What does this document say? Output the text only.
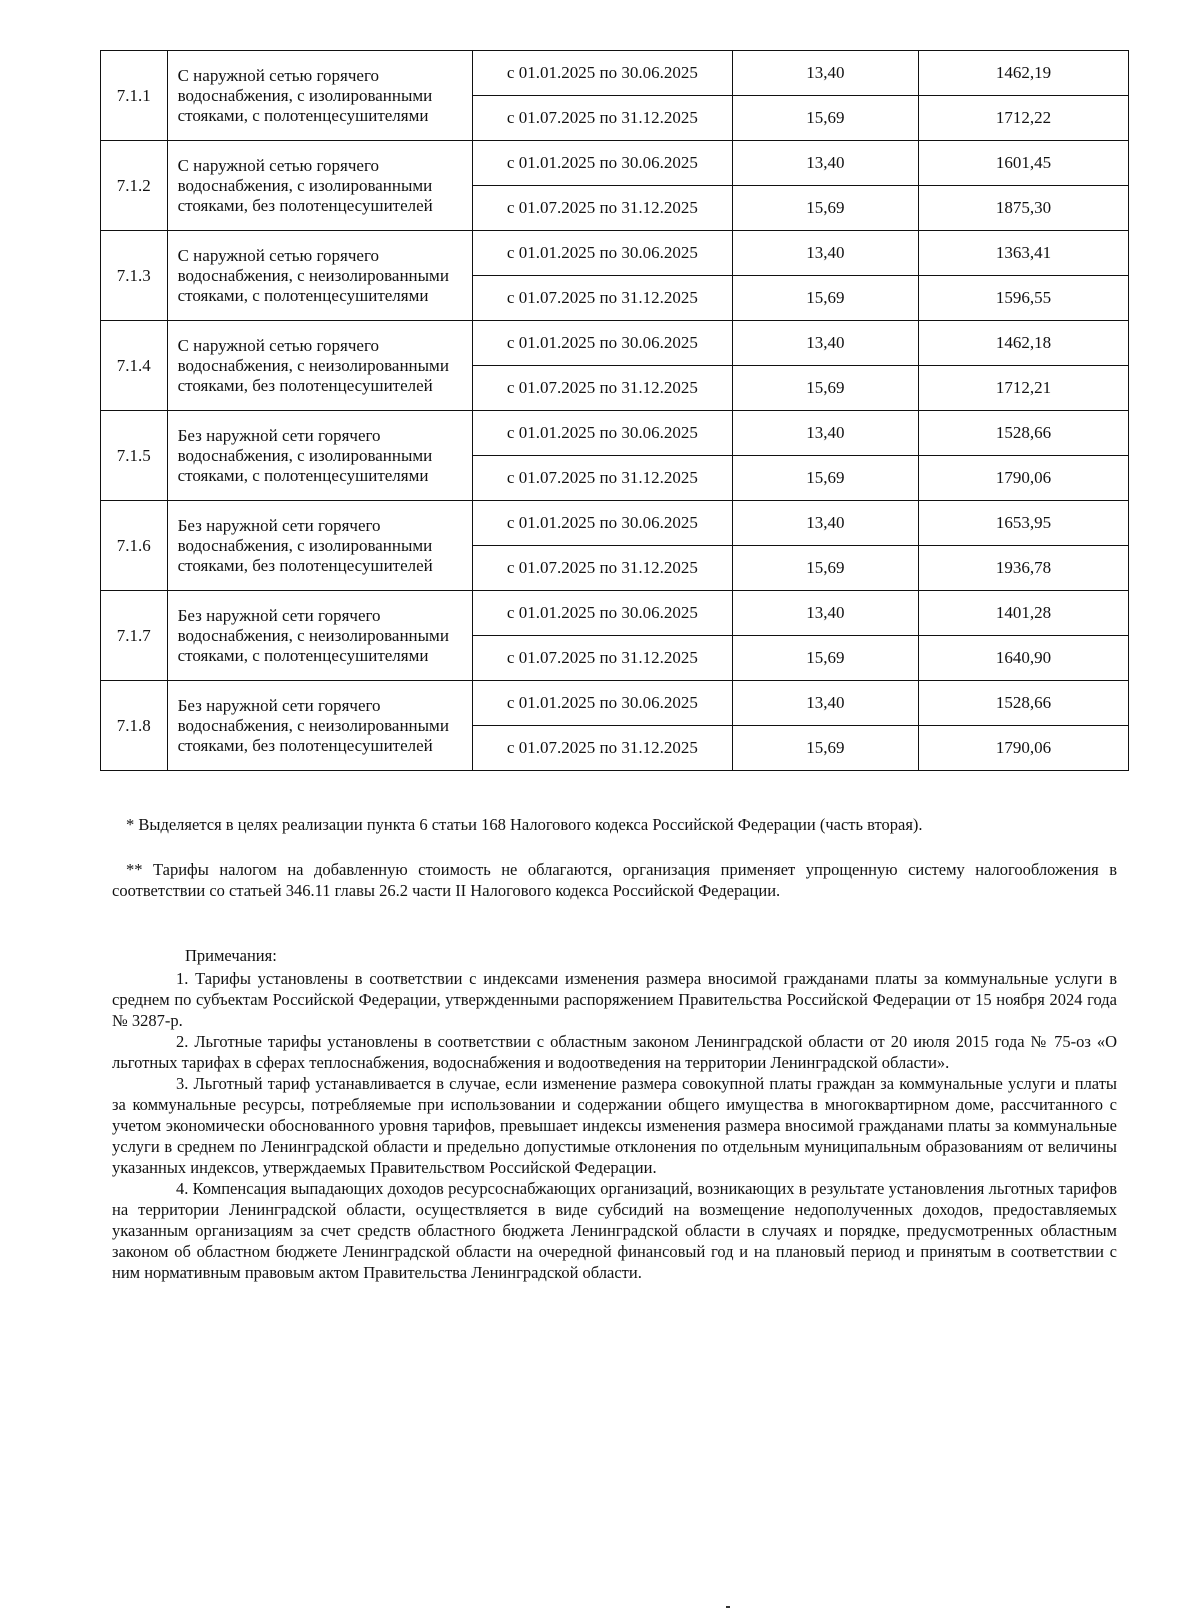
7.1.1	С наружной сетью горячего водоснабжения, с изолированными стояками, с полотенцесушителями	с 01.01.2025 по 30.06.2025	13,40	1462,19
		с 01.07.2025 по 31.12.2025	15,69	1712,22
7.1.2	С наружной сетью горячего водоснабжения, с изолированными стояками, без полотенцесушителей	с 01.01.2025 по 30.06.2025	13,40	1601,45
		с 01.07.2025 по 31.12.2025	15,69	1875,30
7.1.3	С наружной сетью горячего водоснабжения, с неизолированными стояками, с полотенцесушителями	с 01.01.2025 по 30.06.2025	13,40	1363,41
		с 01.07.2025 по 31.12.2025	15,69	1596,55
7.1.4	С наружной сетью горячего водоснабжения, с неизолированными стояками, без полотенцесушителей	с 01.01.2025 по 30.06.2025	13,40	1462,18
		с 01.07.2025 по 31.12.2025	15,69	1712,21
7.1.5	Без наружной сети горячего водоснабжения, с изолированными стояками, с полотенцесушителями	с 01.01.2025 по 30.06.2025	13,40	1528,66
		с 01.07.2025 по 31.12.2025	15,69	1790,06
7.1.6	Без наружной сети горячего водоснабжения, с изолированными стояками, без полотенцесушителей	с 01.01.2025 по 30.06.2025	13,40	1653,95
		с 01.07.2025 по 31.12.2025	15,69	1936,78
7.1.7	Без наружной сети горячего водоснабжения, с неизолированными стояками, с полотенцесушителями	с 01.01.2025 по 30.06.2025	13,40	1401,28
		с 01.07.2025 по 31.12.2025	15,69	1640,90
7.1.8	Без наружной сети горячего водоснабжения, с неизолированными стояками, без полотенцесушителей	с 01.01.2025 по 30.06.2025	13,40	1528,66
		с 01.07.2025 по 31.12.2025	15,69	1790,06

* Выделяется в целях реализации пункта 6 статьи 168 Налогового кодекса Российской Федерации (часть вторая).

** Тарифы налогом на добавленную стоимость не облагаются, организация применяет упрощенную систему налогообложения в соответствии со статьей 346.11 главы 26.2 части II Налогового кодекса Российской Федерации.

Примечания:

1. Тарифы установлены в соответствии с индексами изменения размера вносимой гражданами платы за коммунальные услуги в среднем по субъектам Российской Федерации, утвержденными распоряжением Правительства Российской Федерации от 15 ноября 2024 года № 3287-р.

2. Льготные тарифы установлены в соответствии с областным законом Ленинградской области от 20 июля 2015 года № 75-оз «О льготных тарифах в сферах теплоснабжения, водоснабжения и водоотведения на территории Ленинградской области».

3. Льготный тариф устанавливается в случае, если изменение размера совокупной платы граждан за коммунальные услуги и платы за коммунальные ресурсы, потребляемые при использовании и содержании общего имущества в многоквартирном доме, рассчитанного с учетом экономически обоснованного уровня тарифов, превышает индексы изменения размера вносимой гражданами платы за коммунальные услуги в среднем по Ленинградской области и предельно допустимые отклонения по отдельным муниципальным образованиям от величины указанных индексов, утверждаемых Правительством Российской Федерации.

4. Компенсация выпадающих доходов ресурсоснабжающих организаций, возникающих в результате установления льготных тарифов на территории Ленинградской области, осуществляется в виде субсидий на возмещение недополученных доходов, предоставляемых указанным организациям за счет средств областного бюджета Ленинградской области в случаях и порядке, предусмотренных областным законом об областном бюджете Ленинградской области на очередной финансовый год и на плановый период и принятым в соответствии с ним нормативным правовым актом Правительства Ленинградской области.
